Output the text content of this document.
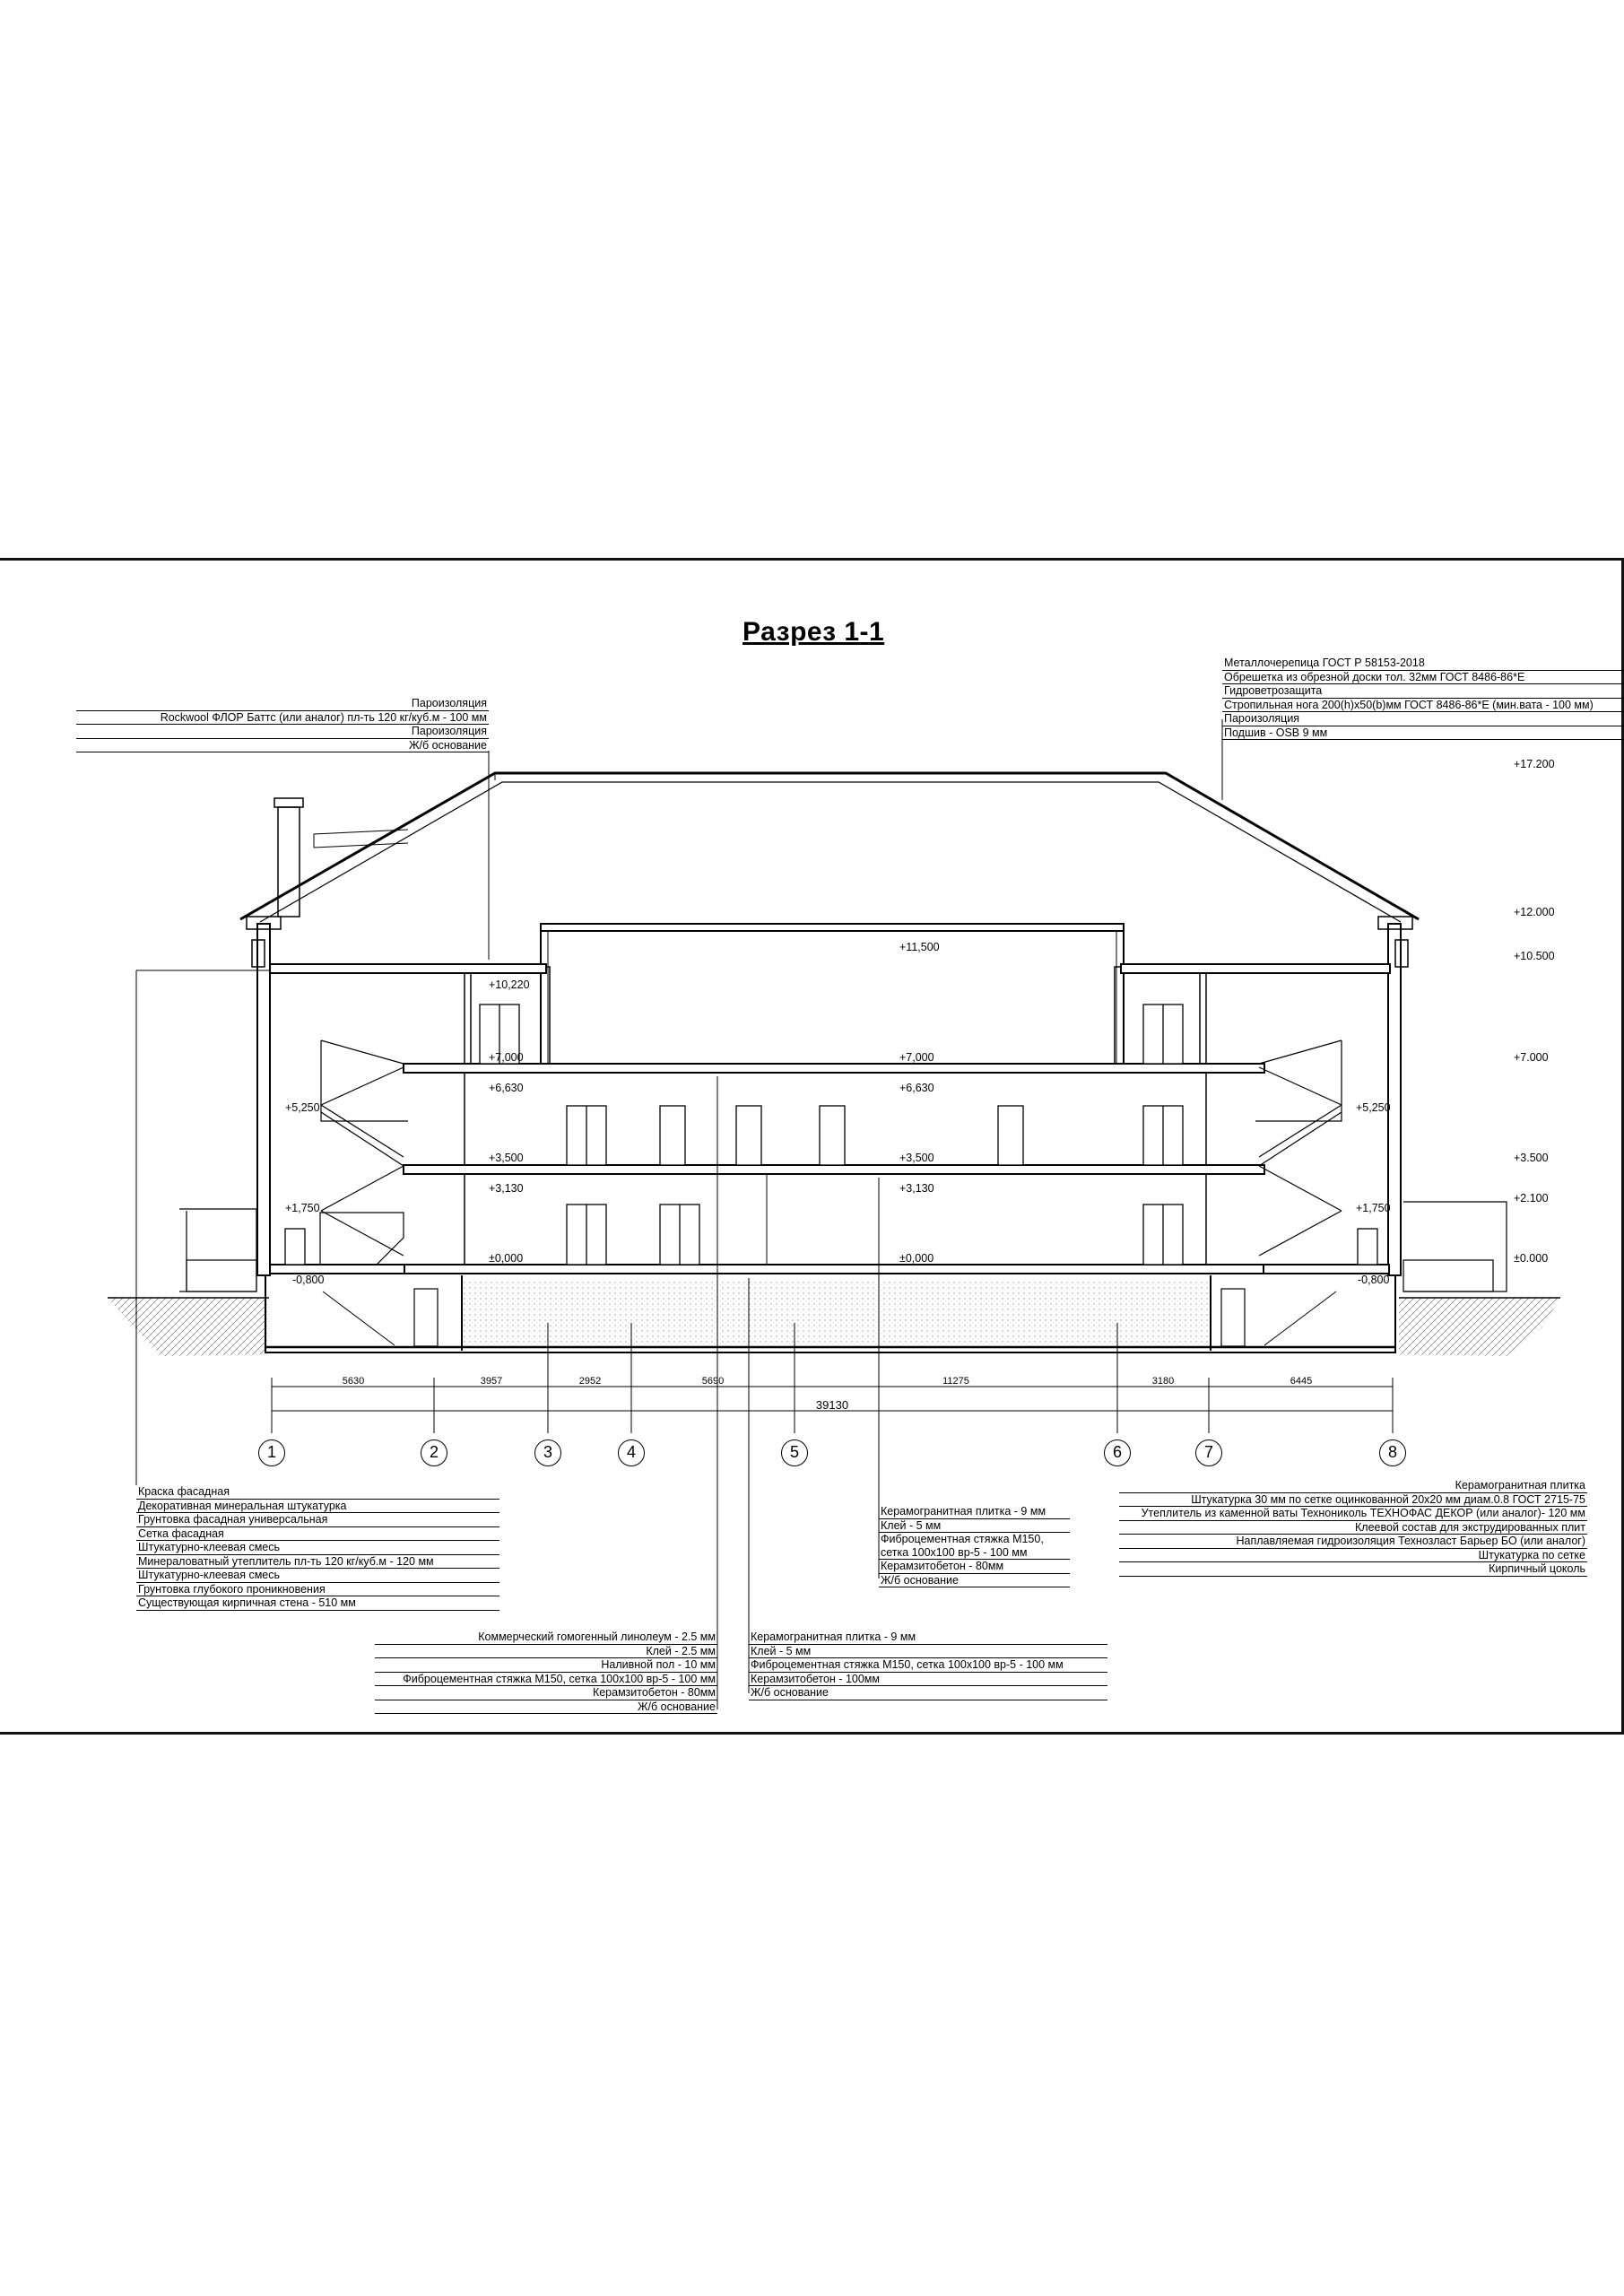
Разрез 1-1
Металлочерепица ГОСТ Р 58153-2018
Обрешетка из обрезной доски тол. 32мм ГОСТ 8486-86*Е
Гидроветрозащита
Стропильная нога 200(h)х50(b)мм ГОСТ 8486-86*Е (мин.вата - 100 мм)
Пароизоляция
Подшив - OSB 9 мм
Пароизоляция
Rockwool ФЛОР Баттс (или аналог) пл-ть 120 кг/куб.м - 100 мм
Пароизоляция
Ж/б основание
Краска фасадная
Декоративная минеральная штукатурка
Грунтовка фасадная универсальная
Сетка фасадная
Штукатурно-клеевая смесь
Минераловатный утеплитель пл-ть 120 кг/куб.м - 120 мм
Штукатурно-клеевая смесь
Грунтовка глубокого проникновения
Существующая кирпичная стена - 510 мм
Керамогранитная плитка
Штукатурка 30 мм по сетке оцинкованной 20х20 мм диам.0.8 ГОСТ 2715-75
Утеплитель из каменной ваты Технониколь ТЕХНОФАС ДЕКОР (или аналог)- 120 мм
Клеевой состав для экструдированных плит
Наплавляемая гидроизоляция Технозласт Барьер БО (или аналог)
Штукатурка по сетке
Кирпичный цоколь
Керамогранитная плитка - 9 мм
Клей - 5 мм
Фиброцементная стяжка М150,
сетка 100х100 вр-5 - 100 мм
Керамзитобетон - 80мм
Ж/б основание
Коммерческий гомогенный линолеум - 2.5 мм
Клей - 2.5 мм
Наливной пол - 10 мм
Фиброцементная стяжка М150, сетка 100х100 вр-5 - 100 мм
Керамзитобетон - 80мм
Ж/б основание
Керамогранитная плитка - 9 мм
Клей - 5 мм
Фиброцементная стяжка М150, сетка 100х100 вр-5 - 100 мм
Керамзитобетон - 100мм
Ж/б основание
+17.200
+12.000
+10.500
+7.000
+3.500
+2.100
±0.000
+11,500
+7,000
+6,630
+3,500
+3,130
±0,000
+10,220
+7,000
+6,630
+3,500
+3,130
±0,000
+5,250
+1,750
-0,800
+5,250
+1,750
-0,800
5630	3957	2952	5690	11275	3180	6445
39130
1	2	3	4	5	6	7	8
